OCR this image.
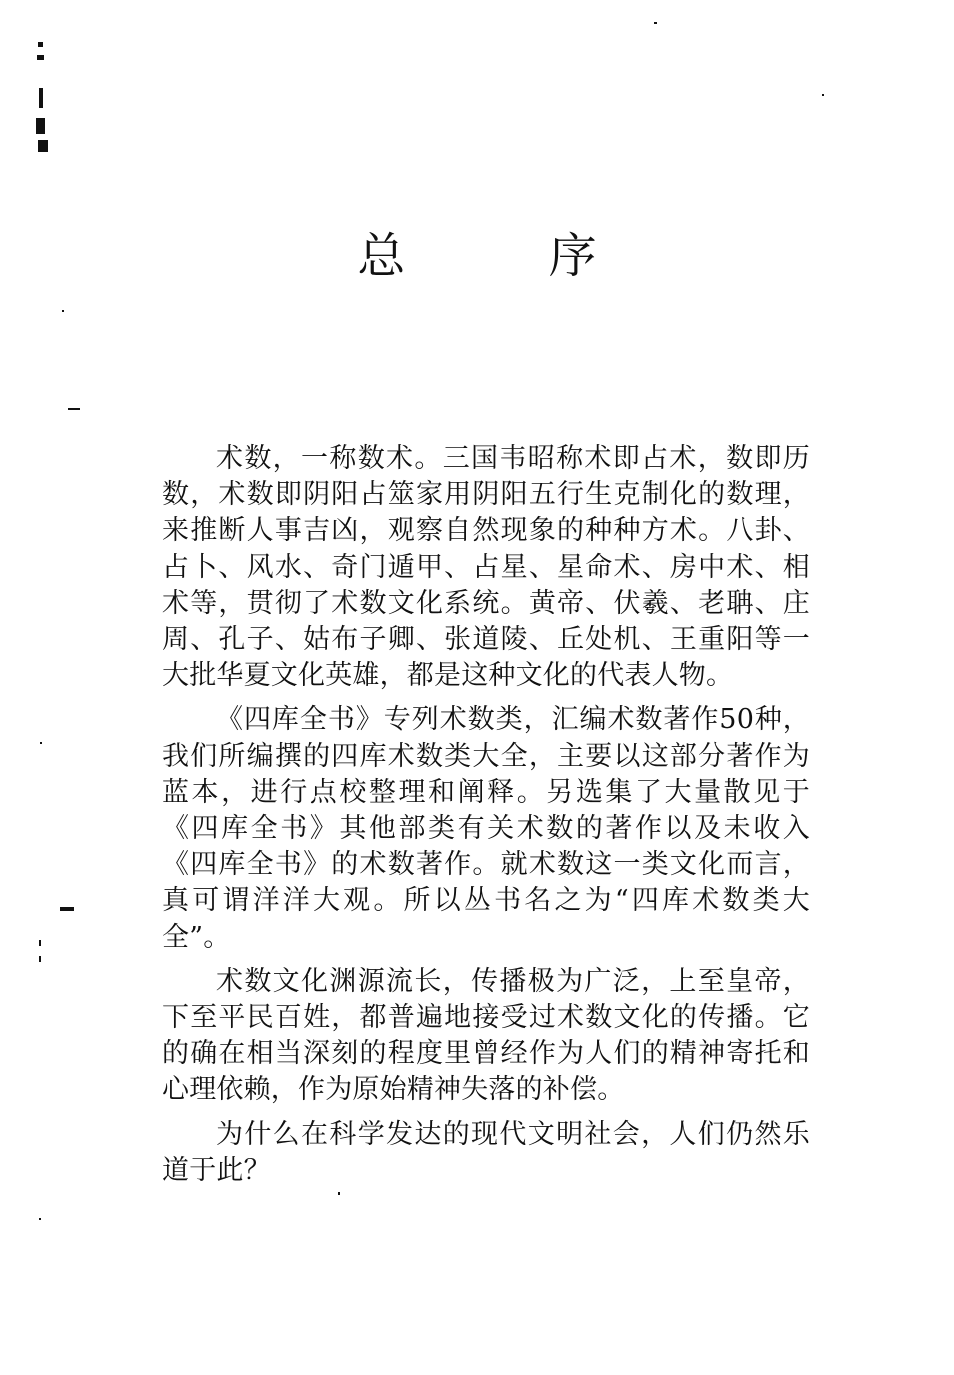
总 序

术数，一称数术。三国韦昭称术即占术，数即历数，术数即阴阳占筮家用阴阳五行生克制化的数理，来推断人事吉凶，观察自然现象的种种方术。八卦、占卜、风水、奇门遁甲、占星、星命术、房中术、相术等，贯彻了术数文化系统。黄帝、伏羲、老聃、庄周、孔子、姑布子卿、张道陵、丘处机、王重阳等一大批华夏文化英雄，都是这种文化的代表人物。

《四库全书》专列术数类，汇编术数著作50种，我们所编撰的四库术数类大全，主要以这部分著作为蓝本，进行点校整理和阐释。另选集了大量散见于《四库全书》其他部类有关术数的著作以及未收入《四库全书》的术数著作。就术数这一类文化而言，真可谓洋洋大观。所以丛书名之为“四库术数类大全”。

术数文化渊源流长，传播极为广泛，上至皇帝，下至平民百姓，都普遍地接受过术数文化的传播。它的确在相当深刻的程度里曾经作为人们的精神寄托和心理依赖，作为原始精神失落的补偿。

为什么在科学发达的现代文明社会，人们仍然乐道于此？
